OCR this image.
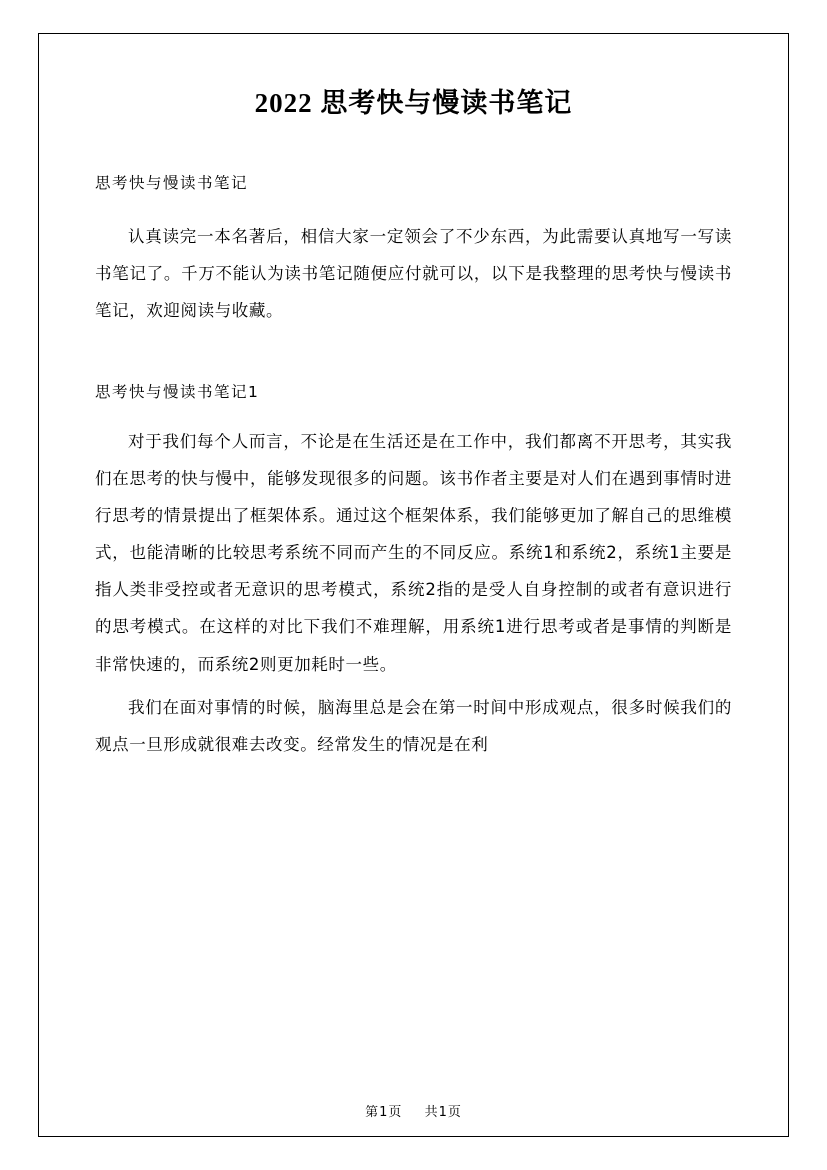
2022 思考快与慢读书笔记

思考快与慢读书笔记

认真读完一本名著后，相信大家一定领会了不少东西，为此需要认真地写一写读书笔记了。千万不能认为读书笔记随便应付就可以，以下是我整理的思考快与慢读书笔记，欢迎阅读与收藏。

思考快与慢读书笔记1

对于我们每个人而言，不论是在生活还是在工作中，我们都离不开思考，其实我们在思考的快与慢中，能够发现很多的问题。该书作者主要是对人们在遇到事情时进行思考的情景提出了框架体系。通过这个框架体系，我们能够更加了解自己的思维模式，也能清晰的比较思考系统不同而产生的不同反应。系统1和系统2，系统1主要是指人类非受控或者无意识的思考模式，系统2指的是受人自身控制的或者有意识进行的思考模式。在这样的对比下我们不难理解，用系统1进行思考或者是事情的判断是非常快速的，而系统2则更加耗时一些。

我们在面对事情的时候，脑海里总是会在第一时间中形成观点，很多时候我们的观点一旦形成就很难去改变。经常发生的情况是在利

第1页 共1页
